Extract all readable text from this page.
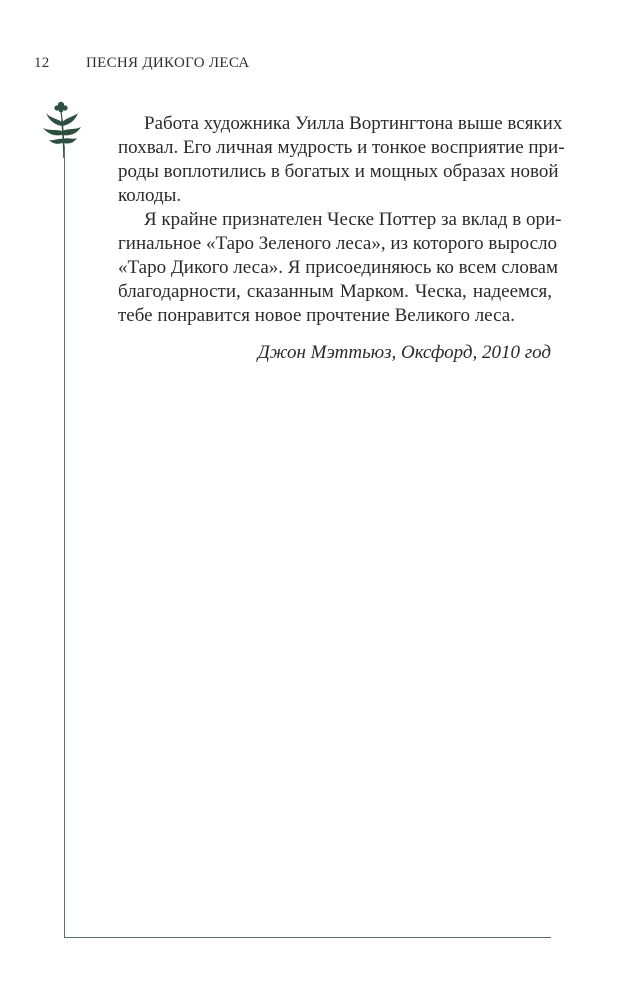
12 ПЕСНЯ ДИКОГО ЛЕСА

Работа художника Уилла Вортингтона выше всяких
похвал. Его личная мудрость и тонкое восприятие при-
роды воплотились в богатых и мощных образах новой
колоды.

Я крайне признателен Ческе Поттер за вклад в ори-
гинальное «Таро Зеленого леса», из которого выросло
«Таро Дикого леса». Я присоединяюсь ко всем словам
благодарности, сказанным Марком. Ческа, надеемся,
тебе понравится новое прочтение Великого леса.

Джон Мэттьюз, Оксфорд, 2010 год
